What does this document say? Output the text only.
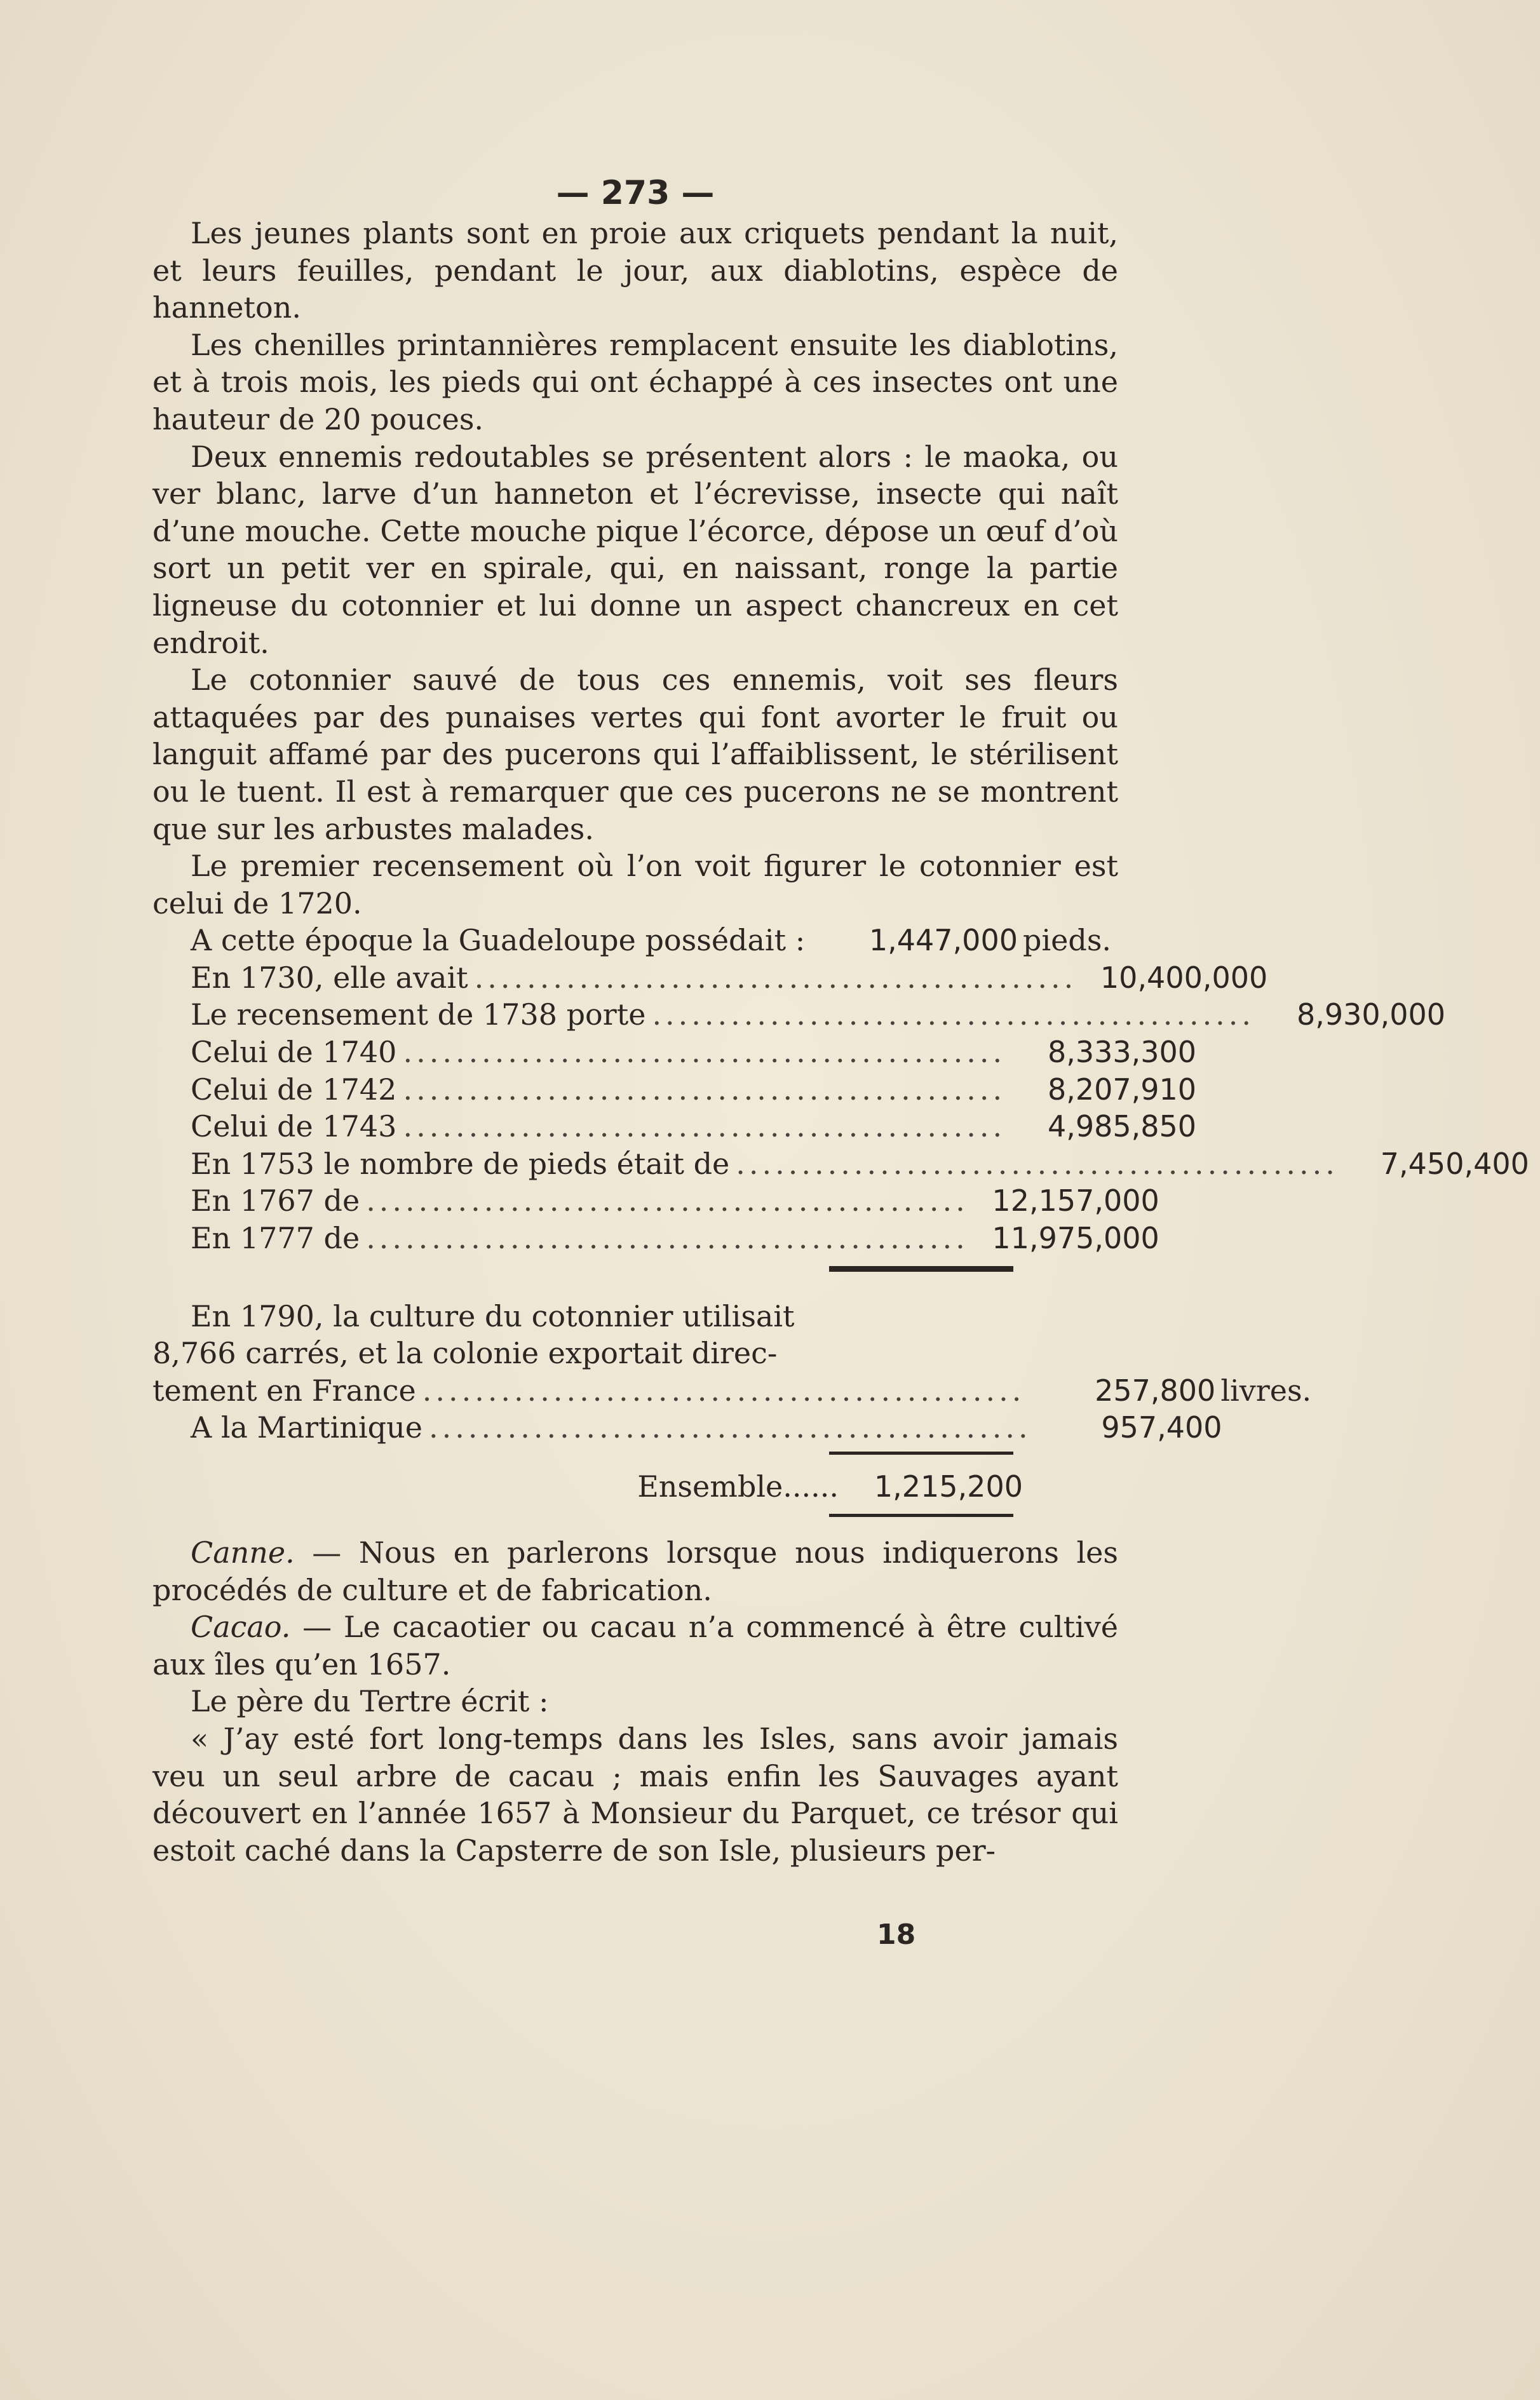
— 273 —

Les jeunes plants sont en proie aux criquets pendant la nuit, et leurs feuilles, pendant le jour, aux diablotins, espèce de hanneton.

Les chenilles printannières remplacent ensuite les diablotins, et à trois mois, les pieds qui ont échappé à ces insectes ont une hauteur de 20 pouces.

Deux ennemis redoutables se présentent alors : le maoka, ou ver blanc, larve d’un hanneton et l’écrevisse, insecte qui naît d’une mouche. Cette mouche pique l’écorce, dépose un œuf d’où sort un petit ver en spirale, qui, en naissant, ronge la partie ligneuse du cotonnier et lui donne un aspect chancreux en cet endroit.

Le cotonnier sauvé de tous ces ennemis, voit ses fleurs attaquées par des punaises vertes qui font avorter le fruit ou languit affamé par des pucerons qui l’affaiblissent, le stérilisent ou le tuent. Il est à remarquer que ces pucerons ne se montrent que sur les arbustes malades.

Le premier recensement où l’on voit figurer le cotonnier est celui de 1720.

A cette époque la Guadeloupe possédait :	1,447,000 pieds.
En 1730, elle avait .............................................. 10,400,000
Le recensement de 1738 porte ..............................................	8,930,000
Celui de 1740 ..............................................	8,333,300
Celui de 1742 ..............................................	8,207,910
Celui de 1743 ..............................................	4,985,850
En 1753 le nombre de pieds était de ..............................................	7,450,400
En 1767 de .............................................. 12,157,000
En 1777 de .............................................. 11,975,000
En 1790, la culture du cotonnier utilisait
8,766 carrés, et la colonie exportait direc-
tement en France ..............................................	257,800 livres.
A la Martinique ..............................................	957,400
Ensemble......	1,215,200

Canne. — Nous en parlerons lorsque nous indiquerons les procédés de culture et de fabrication.

Cacao. — Le cacaotier ou cacau n’a commencé à être cultivé aux îles qu’en 1657.

Le père du Tertre écrit :

« J’ay esté fort long-temps dans les Isles, sans avoir jamais veu un seul arbre de cacau ; mais enfin les Sauvages ayant découvert en l’année 1657 à Monsieur du Parquet, ce trésor qui estoit caché dans la Capsterre de son Isle, plusieurs per-

18
